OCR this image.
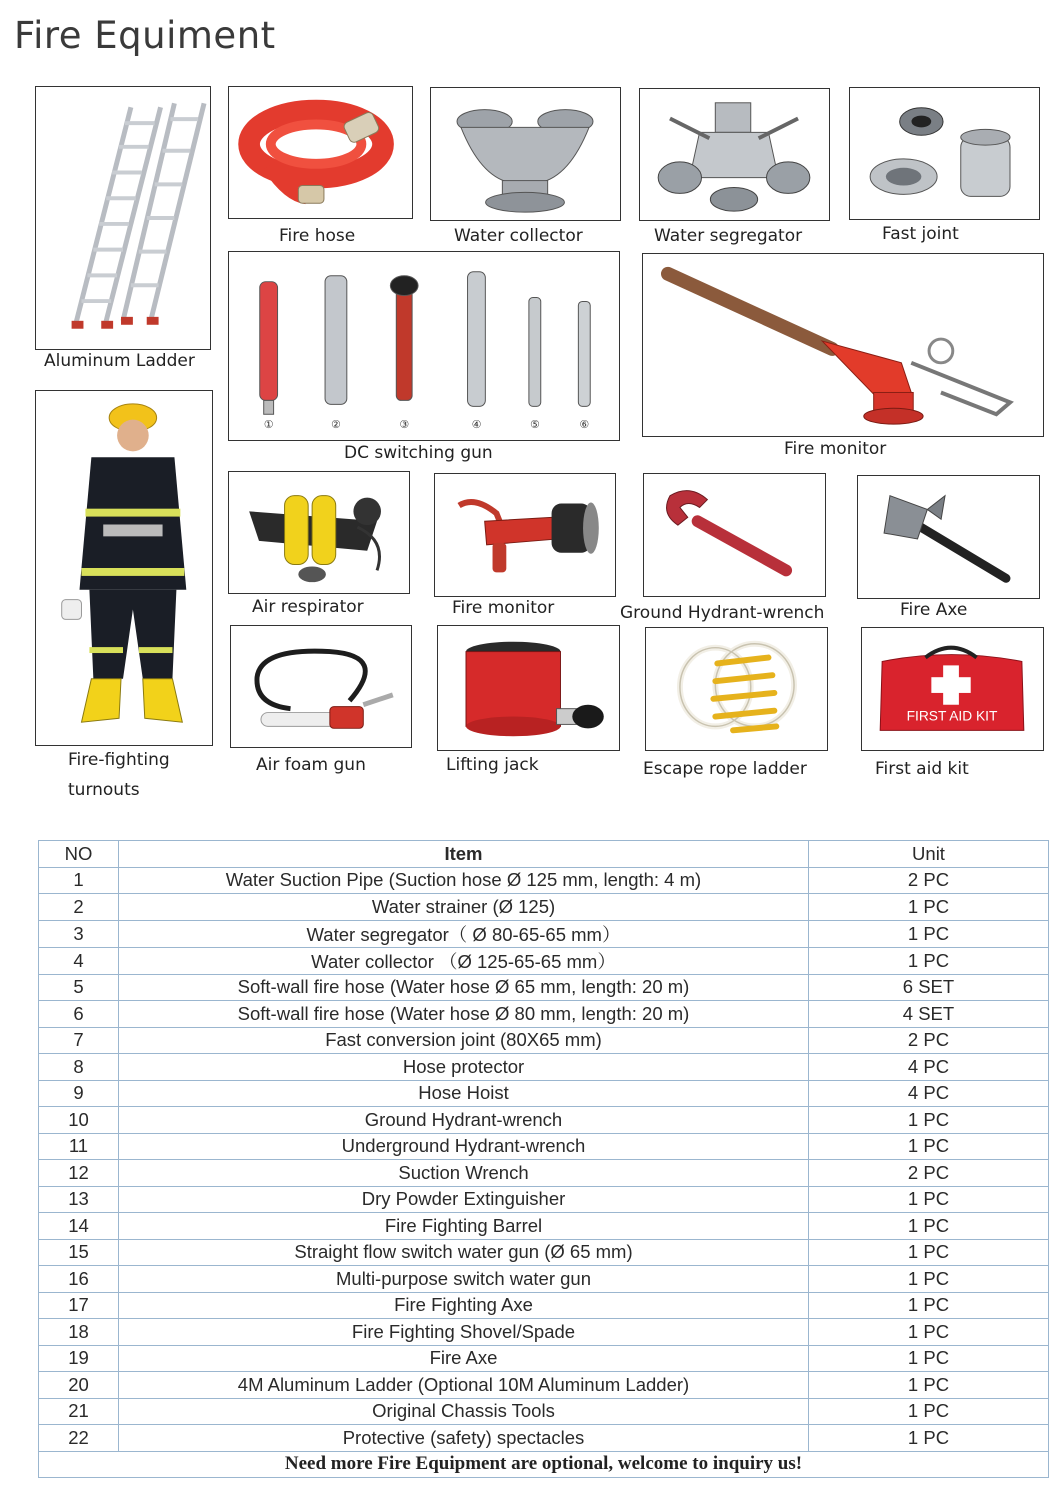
Fire Equiment
Aluminum Ladder
Fire hose	Water collector	Water segregator	Fast joint
①	②	③	④	⑤	⑥
DC switching gun	Fire monitor
Fire-fighting
turnouts
Air respirator	Fire monitor	Ground Hydrant-wrench	Fire Axe
Air foam gun	Lifting jack	Escape rope ladder
FIRST AID KIT
First aid kit
NO	Item	Unit
1	Water Suction Pipe (Suction hose Ø 125 mm, length: 4 m)	2 PC
2	Water strainer (Ø 125)	1 PC
3	Water segregator（ Ø 80-65-65 mm）	1 PC
4	Water collector （Ø 125-65-65 mm）	1 PC
5	Soft-wall fire hose (Water hose Ø 65 mm, length: 20 m)	6 SET
6	Soft-wall fire hose (Water hose Ø 80 mm, length: 20 m)	4 SET
7	Fast conversion joint (80X65 mm)	2 PC
8	Hose protector	4 PC
9	Hose Hoist	4 PC
10	Ground Hydrant-wrench	1 PC
11	Underground Hydrant-wrench	1 PC
12	Suction Wrench	2 PC
13	Dry Powder Extinguisher	1 PC
14	Fire Fighting Barrel	1 PC
15	Straight flow switch water gun (Ø 65 mm)	1 PC
16	Multi-purpose switch water gun	1 PC
17	Fire Fighting Axe	1 PC
18	Fire Fighting Shovel/Spade	1 PC
19	Fire Axe	1 PC
20	4M Aluminum Ladder (Optional 10M Aluminum Ladder)	1 PC
21	Original Chassis Tools	1 PC
22	Protective (safety) spectacles	1 PC
Need more Fire Equipment are optional, welcome to inquiry us!		
